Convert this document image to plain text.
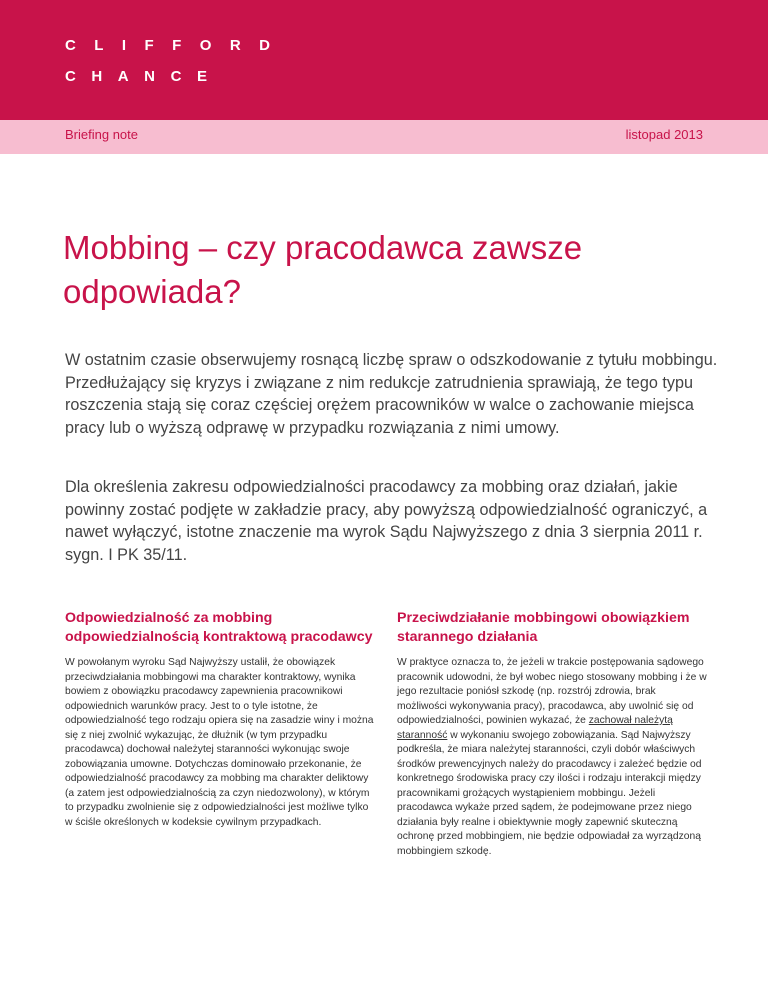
C L I F F O R D
C H A N C E
Briefing note	listopad 2013
Mobbing – czy pracodawca zawsze odpowiada?

W ostatnim czasie obserwujemy rosnącą liczbę spraw o odszkodowanie z tytułu mobbingu. Przedłużający się kryzys i związane z nim redukcje zatrudnienia sprawiają, że tego typu roszczenia stają się coraz częściej orężem pracowników w walce o zachowanie miejsca pracy lub o wyższą odprawę w przypadku rozwiązania z nimi umowy.

Dla określenia zakresu odpowiedzialności pracodawcy za mobbing oraz działań, jakie powinny zostać podjęte w zakładzie pracy, aby powyższą odpowiedzialność ograniczyć, a nawet wyłączyć, istotne znaczenie ma wyrok Sądu Najwyższego z dnia 3 sierpnia 2011 r. sygn. I PK 35/11.

Odpowiedzialność za mobbing odpowiedzialnością kontraktową pracodawcy

W powołanym wyroku Sąd Najwyższy ustalił, że obowiązek przeciwdziałania mobbingowi ma charakter kontraktowy, wynika bowiem z obowiązku pracodawcy zapewnienia pracownikowi odpowiednich warunków pracy. Jest to o tyle istotne, że odpowiedzialność tego rodzaju opiera się na zasadzie winy i można się z niej zwolnić wykazując, że dłużnik (w tym przypadku pracodawca) dochował należytej staranności wykonując swoje zobowiązania umowne. Dotychczas dominowało przekonanie, że odpowiedzialność pracodawcy za mobbing ma charakter deliktowy (a zatem jest odpowiedzialnością za czyn niedozwolony), w którym to przypadku zwolnienie się z odpowiedzialności jest możliwe tylko w ściśle określonych w kodeksie cywilnym przypadkach.

Przeciwdziałanie mobbingowi obowiązkiem starannego działania

W praktyce oznacza to, że jeżeli w trakcie postępowania sądowego pracownik udowodni, że był wobec niego stosowany mobbing i że w jego rezultacie poniósł szkodę (np. rozstrój zdrowia, brak możliwości wykonywania pracy), pracodawca, aby uwolnić się od odpowiedzialności, powinien wykazać, że zachował należytą staranność w wykonaniu swojego zobowiązania. Sąd Najwyższy podkreśla, że miara należytej staranności, czyli dobór właściwych środków prewencyjnych należy do pracodawcy i zależeć będzie od konkretnego środowiska pracy czy ilości i rodzaju interakcji między pracownikami grożących wystąpieniem mobbingu. Jeżeli pracodawca wykaże przed sądem, że podejmowane przez niego działania były realne i obiektywnie mogły zapewnić skuteczną ochronę przed mobbingiem, nie będzie odpowiadał za wyrządzoną mobbingiem szkodę.
